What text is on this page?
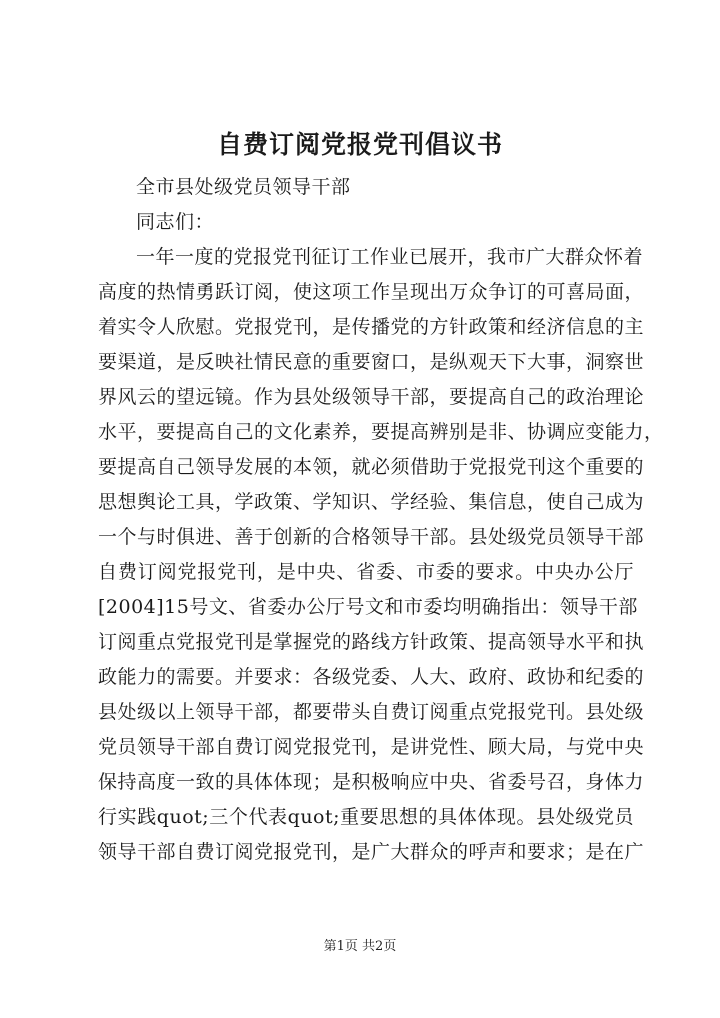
自费订阅党报党刊倡议书
全市县处级党员领导干部
同志们：
一年一度的党报党刊征订工作业已展开，我市广大群众怀着
高度的热情勇跃订阅，使这项工作呈现出万众争订的可喜局面，
着实令人欣慰。党报党刊，是传播党的方针政策和经济信息的主
要渠道，是反映社情民意的重要窗口，是纵观天下大事，洞察世
界风云的望远镜。作为县处级领导干部，要提高自己的政治理论
水平，要提高自己的文化素养，要提高辨别是非、协调应变能力，
要提高自己领导发展的本领，就必须借助于党报党刊这个重要的
思想舆论工具，学政策、学知识、学经验、集信息，使自己成为
一个与时俱进、善于创新的合格领导干部。县处级党员领导干部
自费订阅党报党刊，是中央、省委、市委的要求。中央办公厅
[2004]15号文、省委办公厅号文和市委均明确指出：领导干部
订阅重点党报党刊是掌握党的路线方针政策、提高领导水平和执
政能力的需要。并要求：各级党委、人大、政府、政协和纪委的
县处级以上领导干部，都要带头自费订阅重点党报党刊。县处级
党员领导干部自费订阅党报党刊，是讲党性、顾大局，与党中央
保持高度一致的具体体现；是积极响应中央、省委号召，身体力
行实践quot;三个代表quot;重要思想的具体体现。县处级党员
领导干部自费订阅党报党刊，是广大群众的呼声和要求；是在广
第1页 共2页
